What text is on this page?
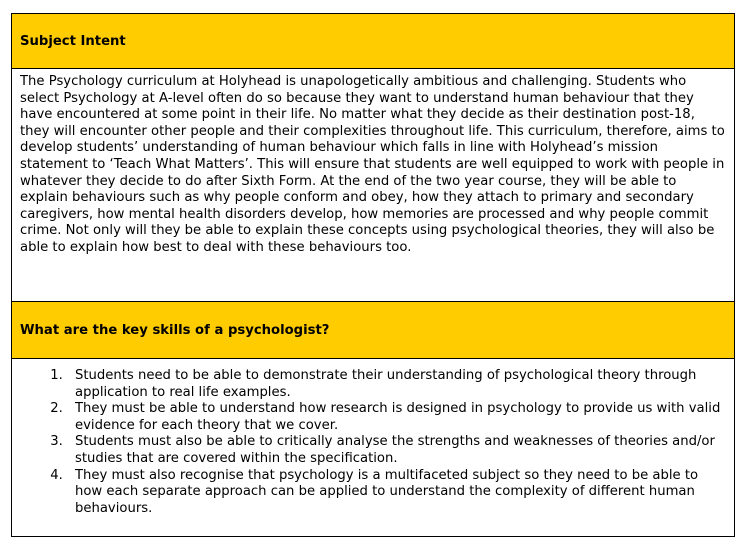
Subject Intent

The Psychology curriculum at Holyhead is unapologetically ambitious and challenging. Students who select Psychology at A-level often do so because they want to understand human behaviour that they have encountered at some point in their life. No matter what they decide as their destination post-18, they will encounter other people and their complexities throughout life. This curriculum, therefore, aims to develop students’ understanding of human behaviour which falls in line with Holyhead’s mission statement to ‘Teach What Matters’. This will ensure that students are well equipped to work with people in whatever they decide to do after Sixth Form. At the end of the two year course, they will be able to explain behaviours such as why people conform and obey, how they attach to primary and secondary caregivers, how mental health disorders develop, how memories are processed and why people commit crime. Not only will they be able to explain these concepts using psychological theories, they will also be able to explain how best to deal with these behaviours too.

What are the key skills of a psychologist?
1. Students need to be able to demonstrate their understanding of psychological theory through application to real life examples.
2. They must be able to understand how research is designed in psychology to provide us with valid evidence for each theory that we cover.
3. Students must also be able to critically analyse the strengths and weaknesses of theories and/or studies that are covered within the specification.
4. They must also recognise that psychology is a multifaceted subject so they need to be able to how each separate approach can be applied to understand the complexity of different human behaviours.
